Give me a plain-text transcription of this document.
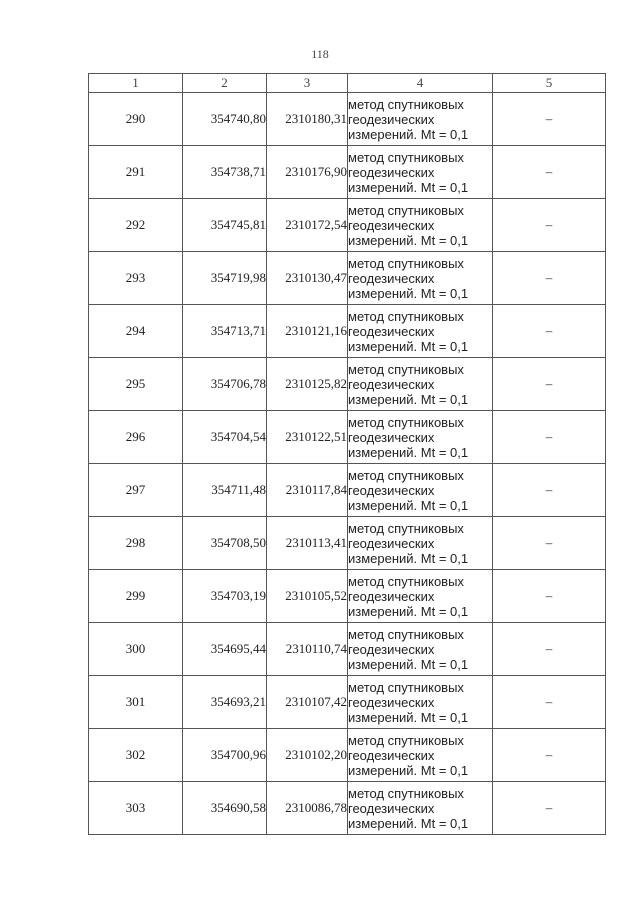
118
1	2	3	4	5
290	354740,80	2310180,31	метод спутниковых
геодезических
измерений. Mt = 0,1	–
291	354738,71	2310176,90	метод спутниковых
геодезических
измерений. Mt = 0,1	–
292	354745,81	2310172,54	метод спутниковых
геодезических
измерений. Mt = 0,1	–
293	354719,98	2310130,47	метод спутниковых
геодезических
измерений. Mt = 0,1	–
294	354713,71	2310121,16	метод спутниковых
геодезических
измерений. Mt = 0,1	–
295	354706,78	2310125,82	метод спутниковых
геодезических
измерений. Mt = 0,1	–
296	354704,54	2310122,51	метод спутниковых
геодезических
измерений. Mt = 0,1	–
297	354711,48	2310117,84	метод спутниковых
геодезических
измерений. Mt = 0,1	–
298	354708,50	2310113,41	метод спутниковых
геодезических
измерений. Mt = 0,1	–
299	354703,19	2310105,52	метод спутниковых
геодезических
измерений. Mt = 0,1	–
300	354695,44	2310110,74	метод спутниковых
геодезических
измерений. Mt = 0,1	–
301	354693,21	2310107,42	метод спутниковых
геодезических
измерений. Mt = 0,1	–
302	354700,96	2310102,20	метод спутниковых
геодезических
измерений. Mt = 0,1	–
303	354690,58	2310086,78	метод спутниковых
геодезических
измерений. Mt = 0,1	–
